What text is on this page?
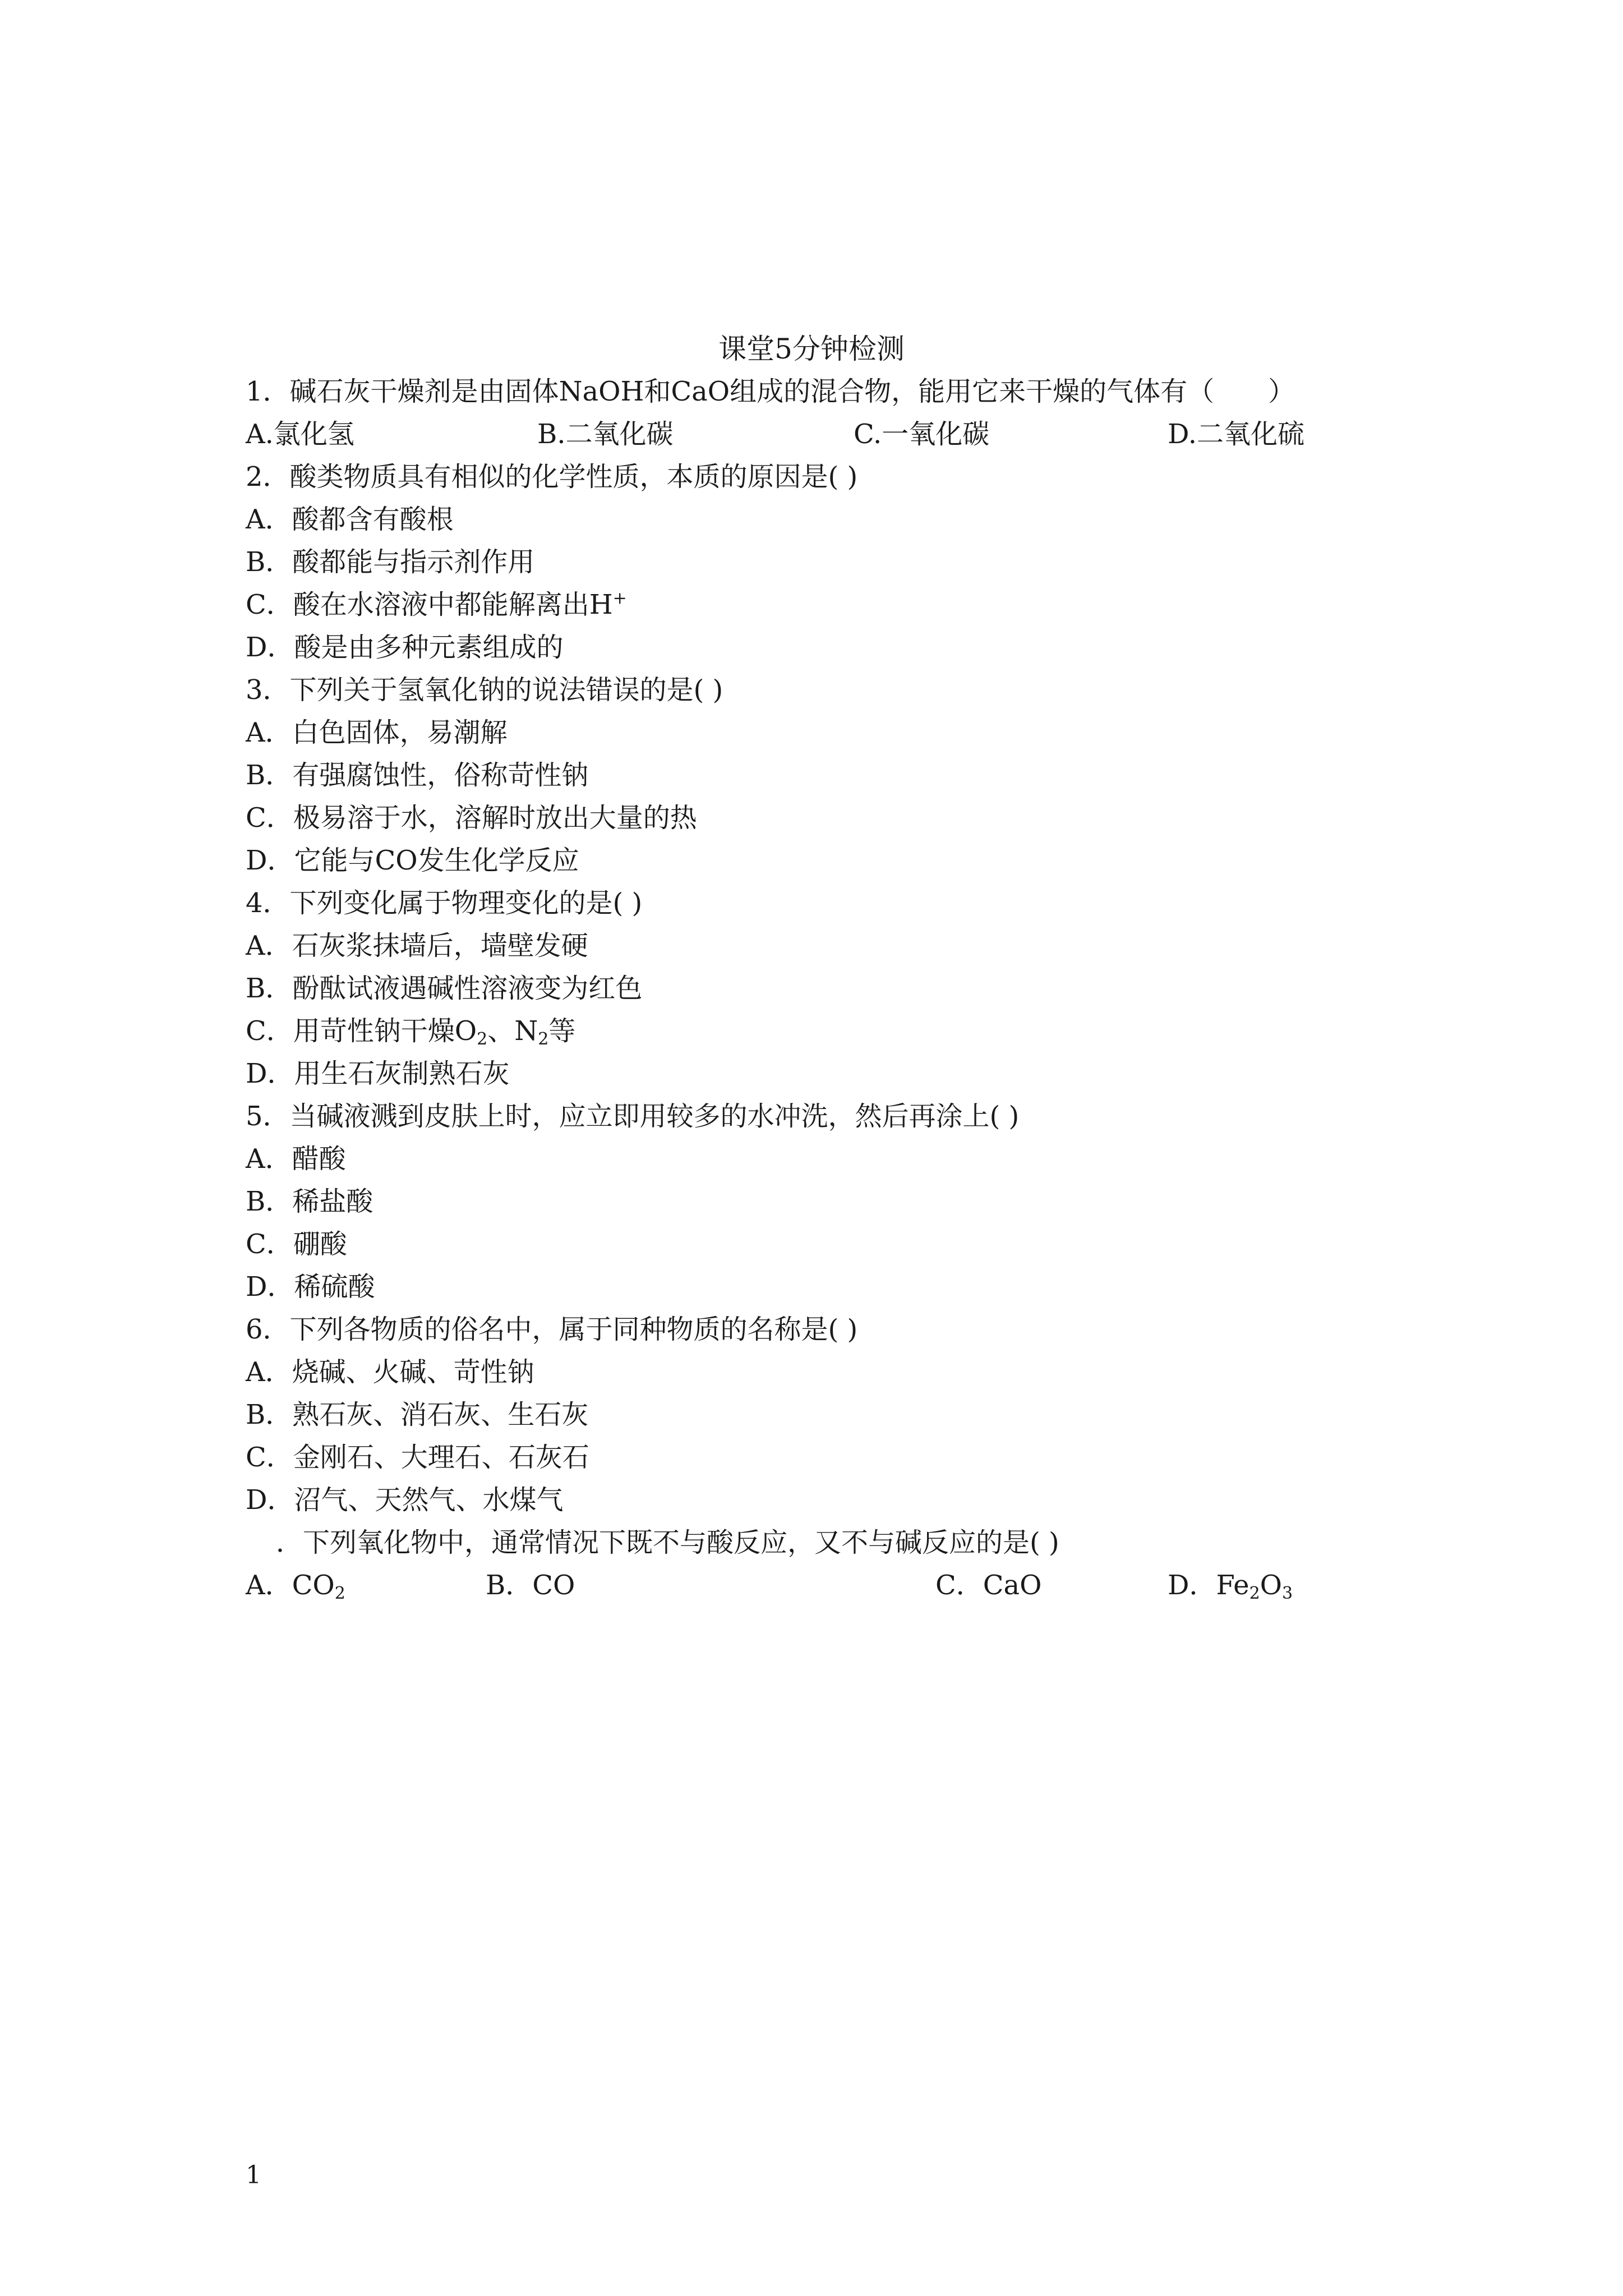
课堂5分钟检测
1．碱石灰干燥剂是由固体NaOH和CaO组成的混合物，能用它来干燥的气体有（　　）
A.氯化氢	B.二氧化碳	C.一氧化碳	D.二氧化硫
2．酸类物质具有相似的化学性质，本质的原因是( )
A．酸都含有酸根
B．酸都能与指示剂作用
C．酸在水溶液中都能解离出H+
D．酸是由多种元素组成的
3．下列关于氢氧化钠的说法错误的是( )
A．白色固体，易潮解
B．有强腐蚀性，俗称苛性钠
C．极易溶于水，溶解时放出大量的热
D．它能与CO发生化学反应
4．下列变化属于物理变化的是( )
A．石灰浆抹墙后，墙壁发硬
B．酚酞试液遇碱性溶液变为红色
C．用苛性钠干燥$O_2$、$N_2$等
D．用生石灰制熟石灰
5．当碱液溅到皮肤上时，应立即用较多的水冲洗，然后再涂上( )
A．醋酸
B．稀盐酸
C．硼酸
D．稀硫酸
6．下列各物质的俗名中，属于同种物质的名称是( )
A．烧碱、火碱、苛性钠
B．熟石灰、消石灰、生石灰
C．金刚石、大理石、石灰石
D．沼气、天然气、水煤气
．下列氧化物中，通常情况下既不与酸反应，又不与碱反应的是( )
A．$CO_2$	B．CO	C．CaO	D．$Fe_2O_3$
1
